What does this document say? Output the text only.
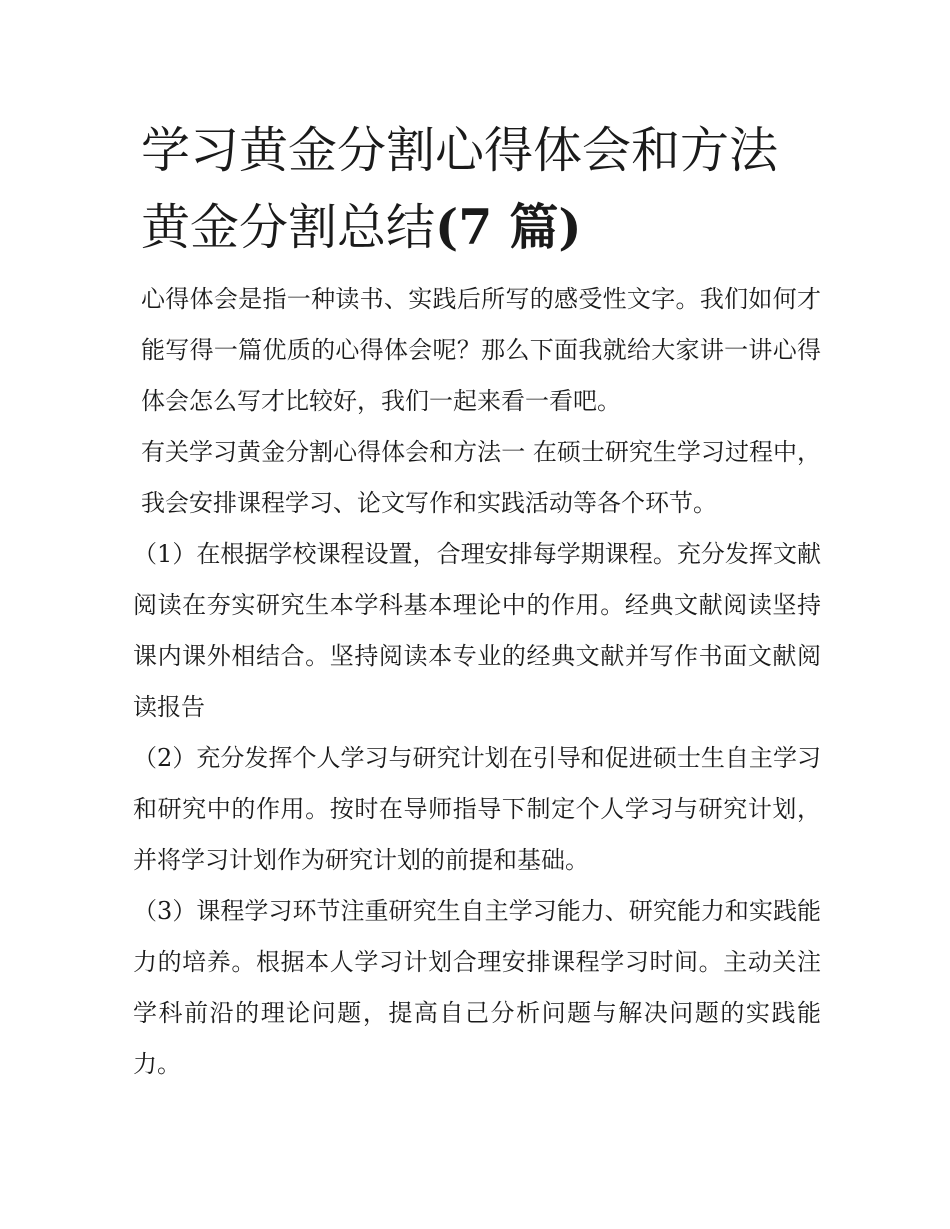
学习黄金分割心得体会和方法
黄金分割总结(7 篇)

心得体会是指一种读书、实践后所写的感受性文字。我们如何才能写得一篇优质的心得体会呢？那么下面我就给大家讲一讲心得体会怎么写才比较好，我们一起来看一看吧。

有关学习黄金分割心得体会和方法一 在硕士研究生学习过程中，我会安排课程学习、论文写作和实践活动等各个环节。

（1）在根据学校课程设置，合理安排每学期课程。充分发挥文献阅读在夯实研究生本学科基本理论中的作用。经典文献阅读坚持课内课外相结合。坚持阅读本专业的经典文献并写作书面文献阅读报告

（2）充分发挥个人学习与研究计划在引导和促进硕士生自主学习和研究中的作用。按时在导师指导下制定个人学习与研究计划，并将学习计划作为研究计划的前提和基础。

（3）课程学习环节注重研究生自主学习能力、研究能力和实践能力的培养。根据本人学习计划合理安排课程学习时间。主动关注学科前沿的理论问题，提高自己分析问题与解决问题的实践能力。
